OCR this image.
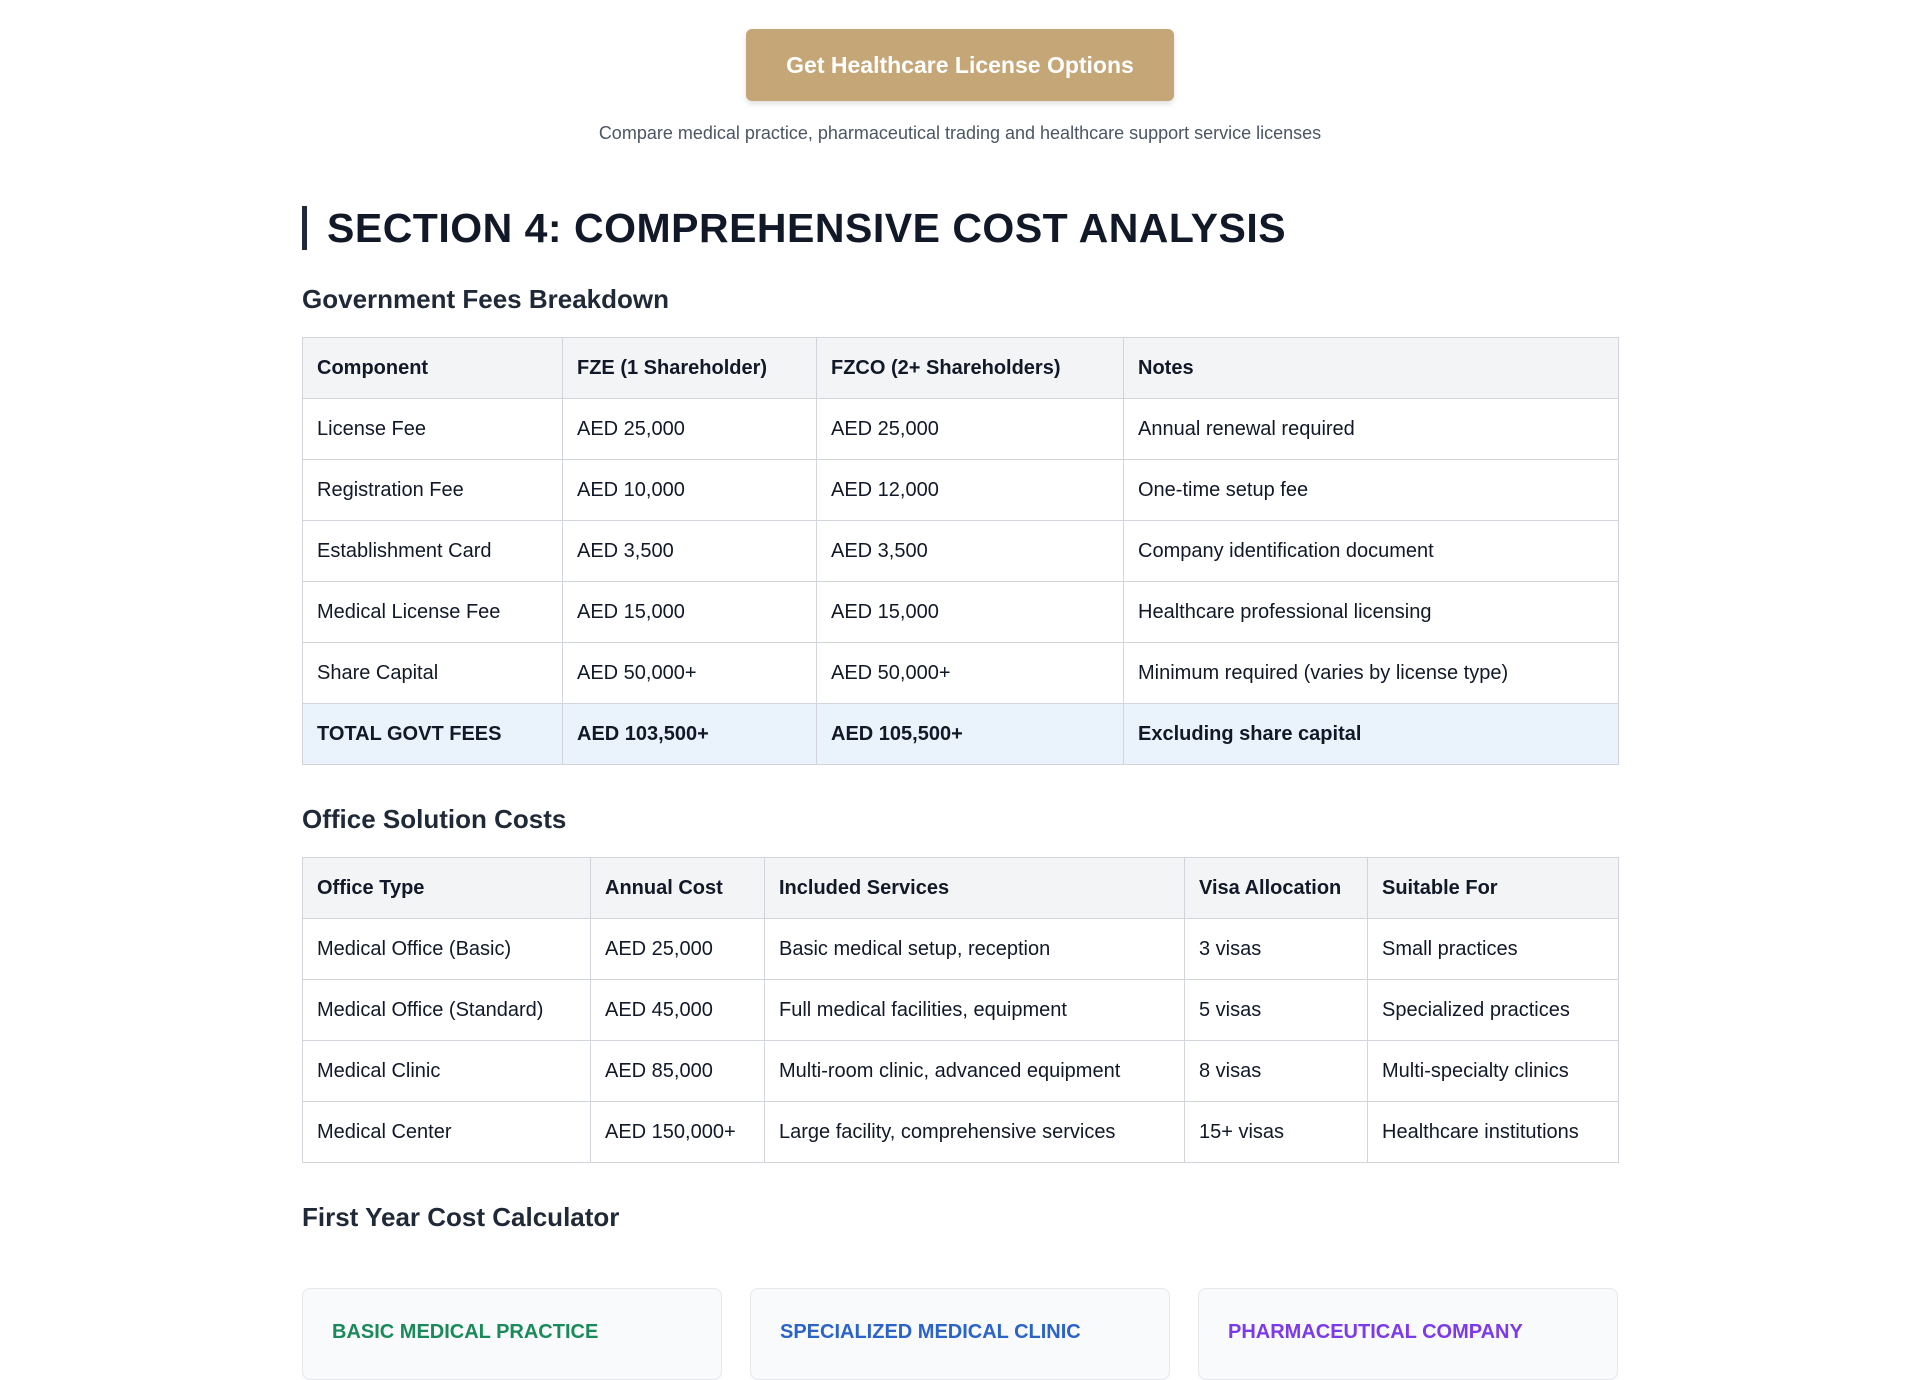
Get Healthcare License Options
Compare medical practice, pharmaceutical trading and healthcare support service licenses
SECTION 4: COMPREHENSIVE COST ANALYSIS
Government Fees Breakdown
Component	FZE (1 Shareholder)	FZCO (2+ Shareholders)	Notes
License Fee	AED 25,000	AED 25,000	Annual renewal required
Registration Fee	AED 10,000	AED 12,000	One-time setup fee
Establishment Card	AED 3,500	AED 3,500	Company identification document
Medical License Fee	AED 15,000	AED 15,000	Healthcare professional licensing
Share Capital	AED 50,000+	AED 50,000+	Minimum required (varies by license type)
TOTAL GOVT FEES	AED 103,500+	AED 105,500+	Excluding share capital
Office Solution Costs
Office Type	Annual Cost	Included Services	Visa Allocation	Suitable For
Medical Office (Basic)	AED 25,000	Basic medical setup, reception	3 visas	Small practices
Medical Office (Standard)	AED 45,000	Full medical facilities, equipment	5 visas	Specialized practices
Medical Clinic	AED 85,000	Multi-room clinic, advanced equipment	8 visas	Multi-specialty clinics
Medical Center	AED 150,000+	Large facility, comprehensive services	15+ visas	Healthcare institutions
First Year Cost Calculator
BASIC MEDICAL PRACTICE	SPECIALIZED MEDICAL CLINIC	PHARMACEUTICAL COMPANY
